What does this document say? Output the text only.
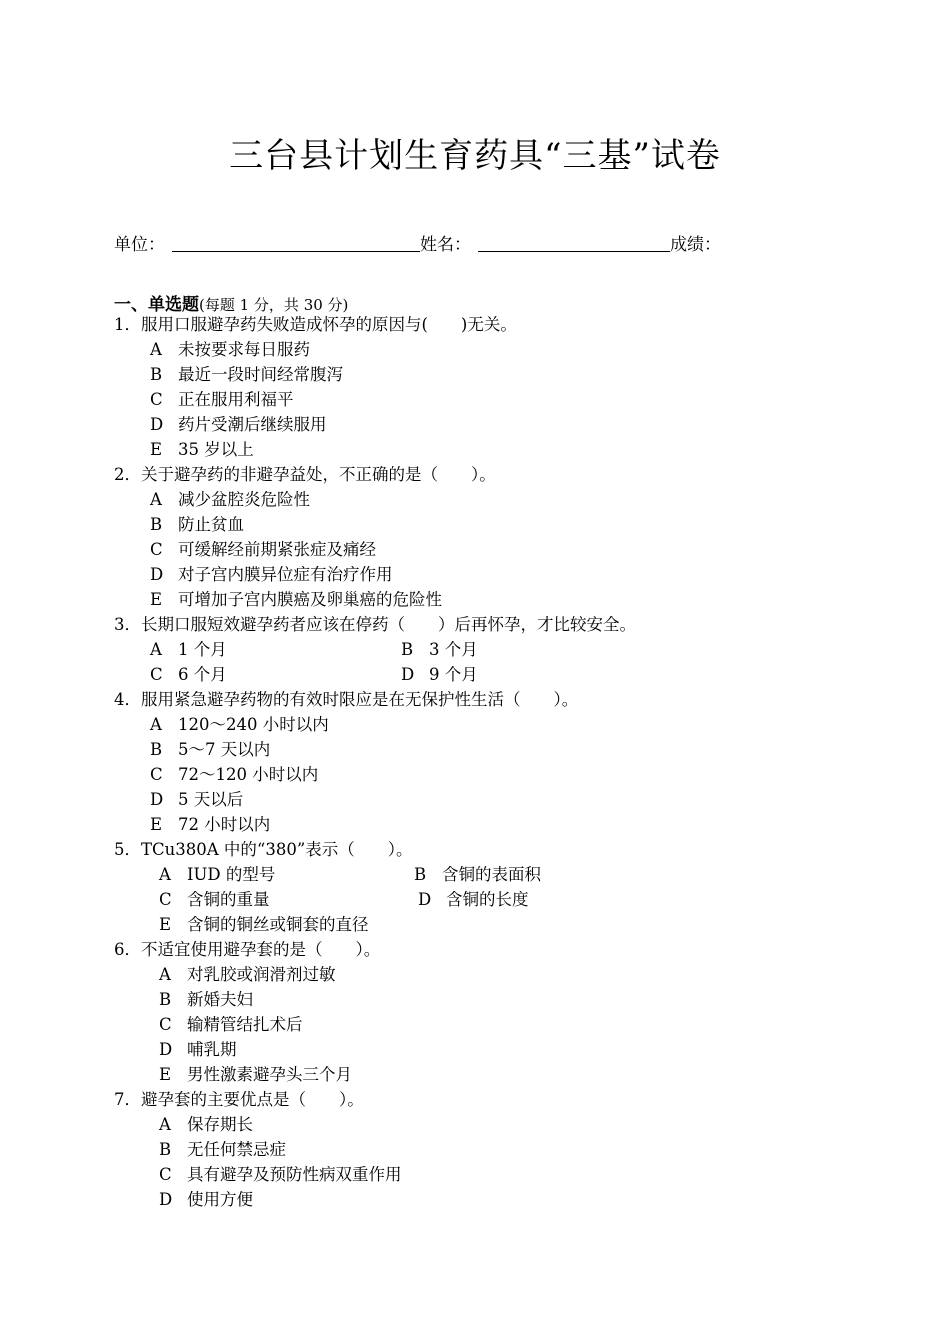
三台县计划生育药具“三基”试卷
单位：	姓名：	成绩：
一、单选题(每题 1 分，共 30 分)
1．服用口服避孕药失败造成怀孕的原因与(　　)无关。
A 未按要求每日服药
B 最近一段时间经常腹泻
C 正在服用利福平
D 药片受潮后继续服用
E 35 岁以上
2．关于避孕药的非避孕益处，不正确的是（　　）。
A 减少盆腔炎危险性
B 防止贫血
C 可缓解经前期紧张症及痛经
D 对子宫内膜异位症有治疗作用
E 可增加子宫内膜癌及卵巢癌的危险性
3．长期口服短效避孕药者应该在停药（　　）后再怀孕，才比较安全。
A 1 个月	B 3 个月
C 6 个月	D 9 个月
4．服用紧急避孕药物的有效时限应是在无保护性生活（　　）。
A 120～240 小时以内
B 5～7 天以内
C 72～120 小时以内
D 5 天以后
E 72 小时以内
5．TCu380A 中的“380”表示（　　）。
A IUD 的型号	B 含铜的表面积
C 含铜的重量	D 含铜的长度
E 含铜的铜丝或铜套的直径
6．不适宜使用避孕套的是（　　）。
A 对乳胶或润滑剂过敏
B 新婚夫妇
C 输精管结扎术后
D 哺乳期
E 男性激素避孕头三个月
7．避孕套的主要优点是（　　）。
A 保存期长
B 无任何禁忌症
C 具有避孕及预防性病双重作用
D 使用方便
